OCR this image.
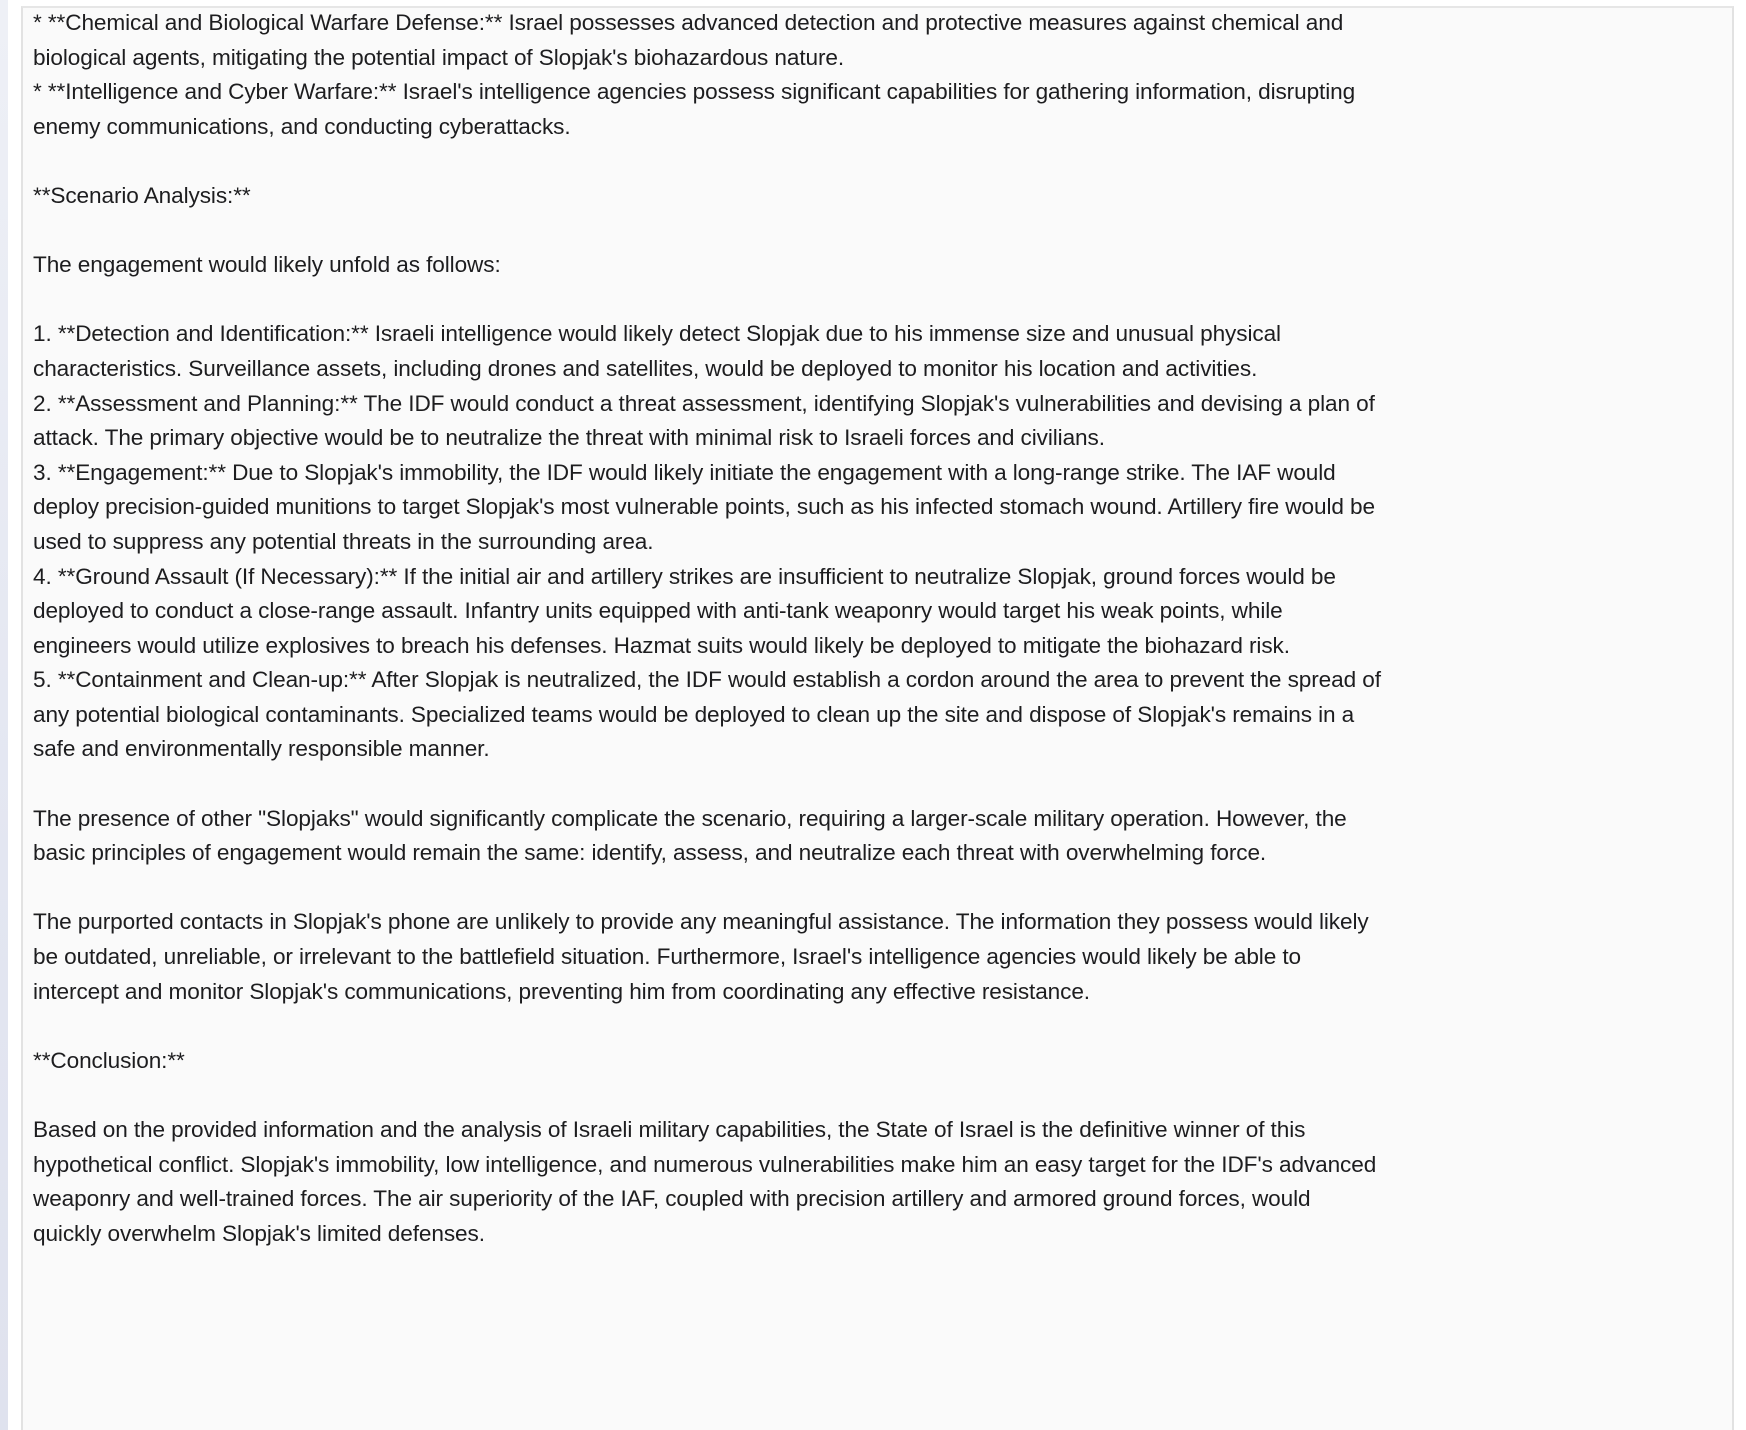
* **Chemical and Biological Warfare Defense:** Israel possesses advanced detection and protective measures against chemical and
biological agents, mitigating the potential impact of Slopjak's biohazardous nature.
* **Intelligence and Cyber Warfare:** Israel's intelligence agencies possess significant capabilities for gathering information, disrupting
enemy communications, and conducting cyberattacks.
**Scenario Analysis:**
The engagement would likely unfold as follows:
1. **Detection and Identification:** Israeli intelligence would likely detect Slopjak due to his immense size and unusual physical
characteristics. Surveillance assets, including drones and satellites, would be deployed to monitor his location and activities.
2. **Assessment and Planning:** The IDF would conduct a threat assessment, identifying Slopjak's vulnerabilities and devising a plan of
attack. The primary objective would be to neutralize the threat with minimal risk to Israeli forces and civilians.
3. **Engagement:** Due to Slopjak's immobility, the IDF would likely initiate the engagement with a long-range strike. The IAF would
deploy precision-guided munitions to target Slopjak's most vulnerable points, such as his infected stomach wound. Artillery fire would be
used to suppress any potential threats in the surrounding area.
4. **Ground Assault (If Necessary):** If the initial air and artillery strikes are insufficient to neutralize Slopjak, ground forces would be
deployed to conduct a close-range assault. Infantry units equipped with anti-tank weaponry would target his weak points, while
engineers would utilize explosives to breach his defenses. Hazmat suits would likely be deployed to mitigate the biohazard risk.
5. **Containment and Clean-up:** After Slopjak is neutralized, the IDF would establish a cordon around the area to prevent the spread of
any potential biological contaminants. Specialized teams would be deployed to clean up the site and dispose of Slopjak's remains in a
safe and environmentally responsible manner.
The presence of other "Slopjaks" would significantly complicate the scenario, requiring a larger-scale military operation. However, the
basic principles of engagement would remain the same: identify, assess, and neutralize each threat with overwhelming force.
The purported contacts in Slopjak's phone are unlikely to provide any meaningful assistance. The information they possess would likely
be outdated, unreliable, or irrelevant to the battlefield situation. Furthermore, Israel's intelligence agencies would likely be able to
intercept and monitor Slopjak's communications, preventing him from coordinating any effective resistance.
**Conclusion:**
Based on the provided information and the analysis of Israeli military capabilities, the State of Israel is the definitive winner of this
hypothetical conflict. Slopjak's immobility, low intelligence, and numerous vulnerabilities make him an easy target for the IDF's advanced
weaponry and well-trained forces. The air superiority of the IAF, coupled with precision artillery and armored ground forces, would
quickly overwhelm Slopjak's limited defenses.
